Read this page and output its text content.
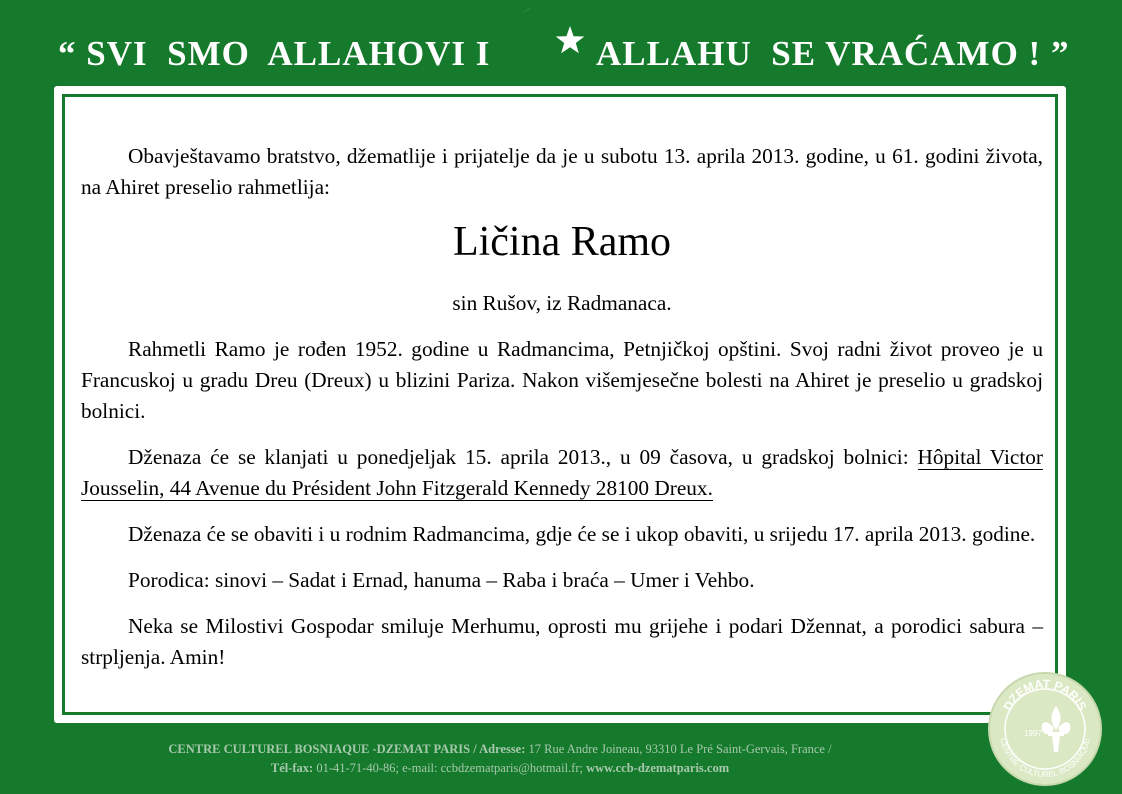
“ SVI  SMO  ALLAHOVI I	ALLAHU  SE VRAĆAMO ! ”

Obavještavamo bratstvo, džematlije i prijatelje da je u subotu 13. aprila 2013. godine, u 61. godini života, na Ahiret preselio rahmetlija:

Ličina Ramo

sin Rušov, iz Radmanaca.

Rahmetli Ramo je rođen 1952. godine u Radmancima, Petnjičkoj opštini. Svoj radni život proveo je u Francuskoj u gradu Dreu (Dreux) u blizini Pariza. Nakon višemjesečne bolesti na Ahiret je preselio u gradskoj bolnici.

Dženaza će se klanjati u ponedjeljak 15. aprila 2013., u 09 časova, u gradskoj bolnici: Hôpital Victor Jousselin, 44 Avenue du Président John Fitzgerald Kennedy 28100 Dreux.

Dženaza će se obaviti i u rodnim Radmancima, gdje će se i ukop obaviti, u srijedu 17. aprila 2013. godine.

Porodica: sinovi – Sadat i Ernad, hanuma – Raba i braća – Umer i Vehbo.

Neka se Milostivi Gospodar smiluje Merhumu, oprosti mu grijehe i podari Džennat, a porodici sabura – strpljenja. Amin!

CENTRE CULTUREL BOSNIAQUE -DZEMAT PARIS / Adresse: 17 Rue Andre Joineau, 93310 Le Pré Saint-Gervais, France /
Tél-fax: 01-41-71-40-86; e-mail: ccbdzematparis@hotmail.fr; www.ccb-dzematparis.com
DZEMAT PARIS
CENTRE·CULTUREL·BOSNIAQUE
1997
